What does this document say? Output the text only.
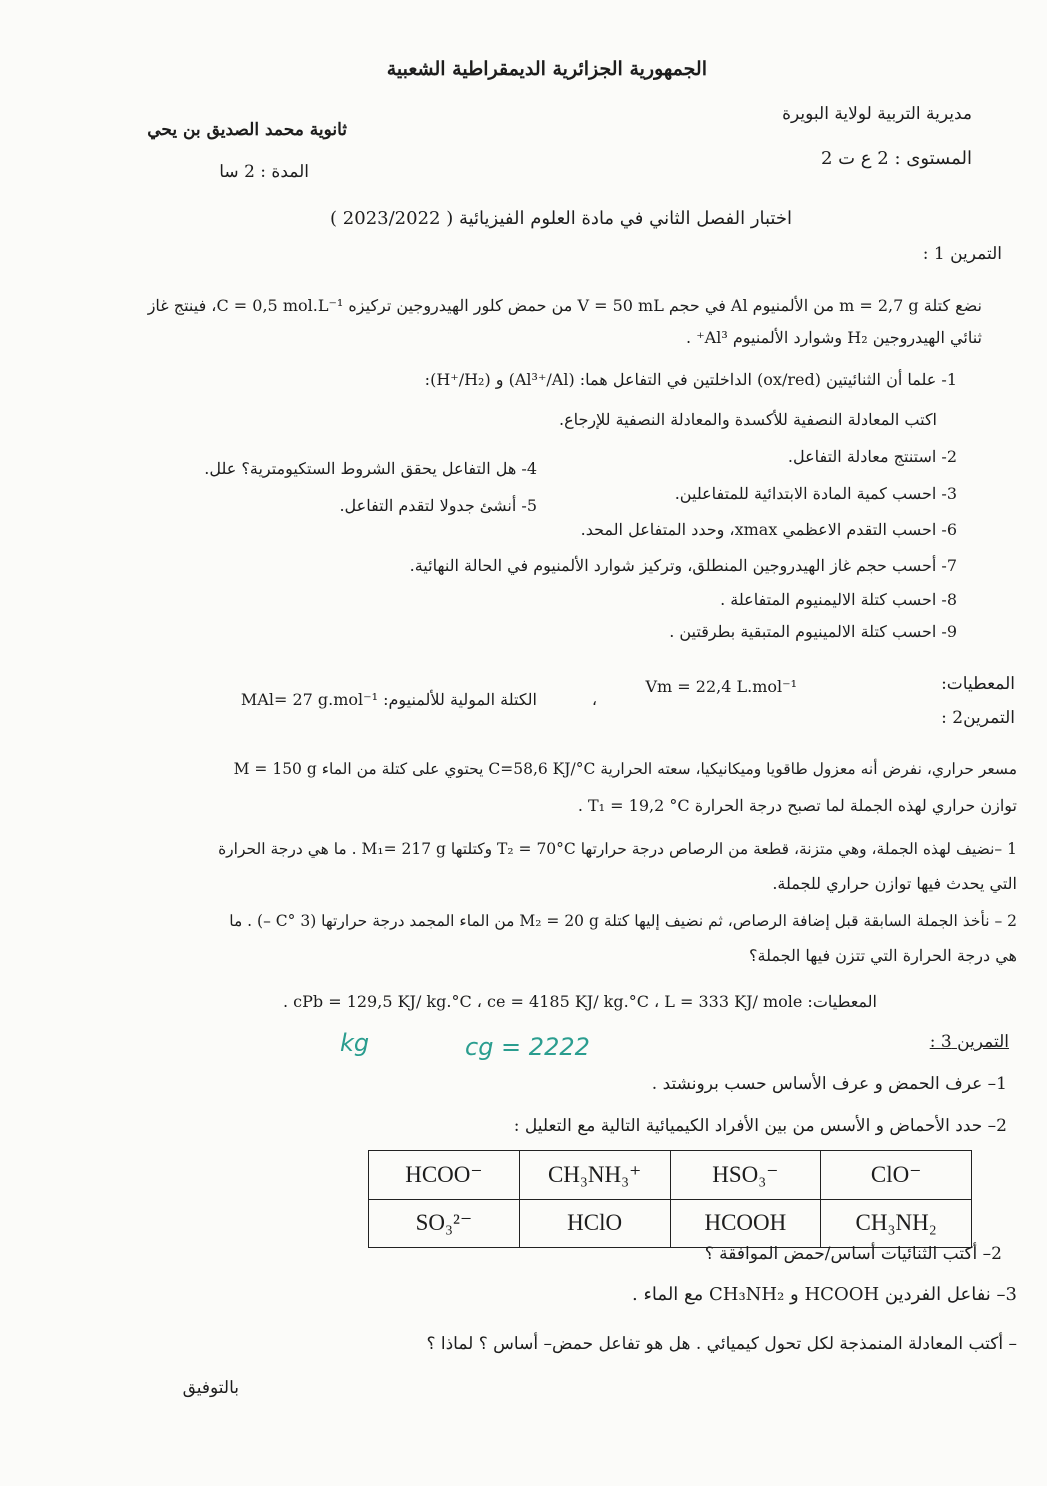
الجمهورية الجزائرية الديمقراطية الشعبية
مديرية التربية لولاية البويرة
ثانوية محمد الصديق بن يحي
المستوى : 2 ع ت 2
المدة : 2 سا
اختبار الفصل الثاني في مادة العلوم الفيزيائية ( 2023/2022 )
التمرين 1 :
نضع كتلة m = 2,7 g من الألمنيوم Al في حجم V = 50 mL من حمض كلور الهيدروجين تركيزه C = 0,5 mol.L⁻¹، فينتج غاز
ثنائي الهيدروجين H₂ وشوارد الألمنيوم Al³⁺ .
1- علما أن الثنائيتين (ox/red) الداخلتين في التفاعل هما: (Al³⁺/Al) و (H⁺/H₂):
اكتب المعادلة النصفية للأكسدة والمعادلة النصفية للإرجاع.
2- استنتج معادلة التفاعل.
4- هل التفاعل يحقق الشروط الستكيومترية؟ علل.
3- احسب كمية المادة الابتدائية للمتفاعلين.
5- أنشئ جدولا لتقدم التفاعل.
6- احسب التقدم الاعظمي xmax، وحدد المتفاعل المحد.
7- أحسب حجم غاز الهيدروجين المنطلق، وتركيز شوارد الألمنيوم في الحالة النهائية.
8- احسب كتلة الاليمنيوم المتفاعلة .
9- احسب كتلة الالمينيوم المتبقية بطرقتين .
المعطيات:
Vm = 22,4 L.mol⁻¹
،
الكتلة المولية للألمنيوم: MAl= 27 g.mol⁻¹
التمرين2 :
مسعر حراري، نفرض أنه معزول طاقويا وميكانيكيا، سعته الحرارية C=58,6 KJ/°C يحتوي على كتلة من الماء M = 150 g
توازن حراري لهذه الجملة لما تصبح درجة الحرارة T₁ = 19,2 °C .
1 –نضيف لهذه الجملة، وهي متزنة، قطعة من الرصاص درجة حرارتها T₂ = 70°C وكتلتها M₁= 217 g . ما هي درجة الحرارة
التي يحدث فيها توازن حراري للجملة.
2 – نأخذ الجملة السابقة قبل إضافة الرصاص، ثم نضيف إليها كتلة M₂ = 20 g من الماء المجمد درجة حرارتها (3 °C –) . ما
هي درجة الحرارة التي تتزن فيها الجملة؟
المعطيات: cPb = 129,5 KJ/ kg.°C ، ce = 4185 KJ/ kg.°C ، L = 333 KJ/ mole .
kg	cg = 2222	التمرين 3 :
1– عرف الحمض و عرف الأساس حسب برونشتد .
2– حدد الأحماض و الأسس من بين الأفراد الكيميائية التالية مع التعليل :
HCOO⁻	CH₃NH₃⁺	HSO₃⁻	ClO⁻
SO₃²⁻	HClO	HCOOH	CH₃NH₂
2– أكتب الثنائيات أساس/حمض الموافقة ؟
3– نفاعل الفردين HCOOH و CH₃NH₂ مع الماء .
– أكتب المعادلة المنمذجة لكل تحول كيميائي . هل هو تفاعل حمض– أساس ؟ لماذا ؟
بالتوفيق
